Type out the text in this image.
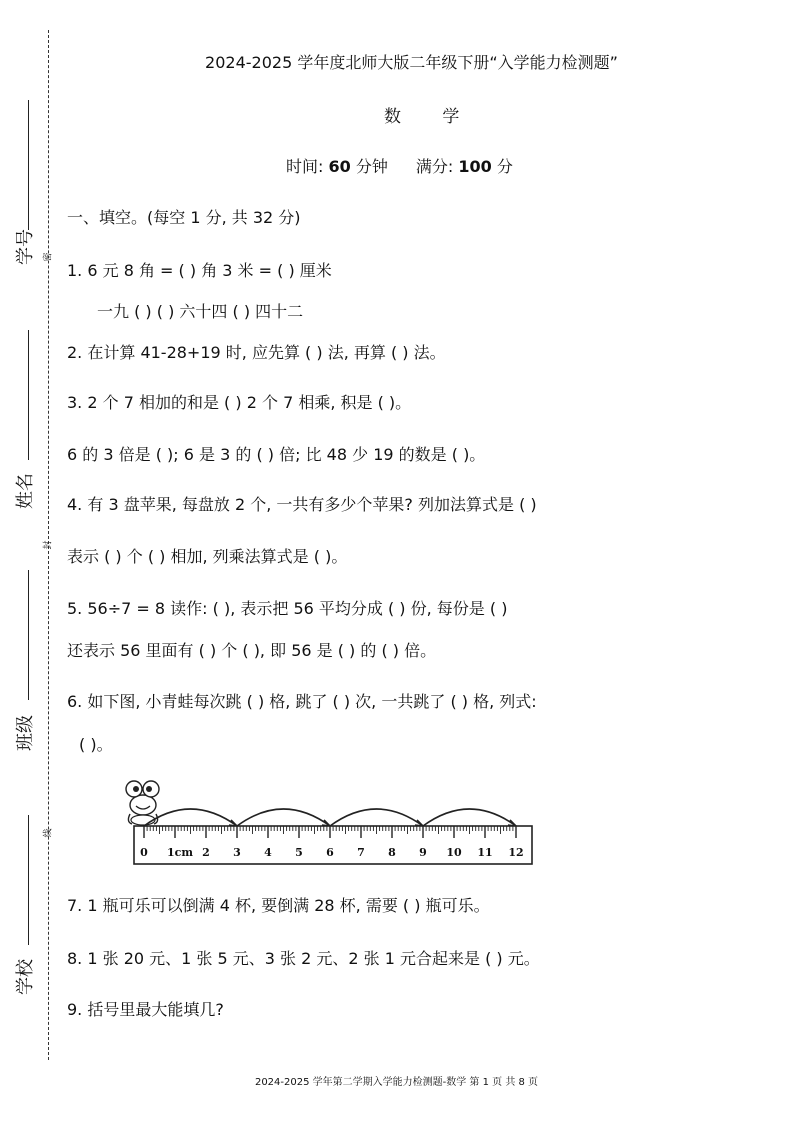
学号
姓名
班级
学校
密
封
线
2024-2025 学年度北师大版二年级下册“入学能力检测题”
数 学
时间: 60 分钟 满分: 100 分
一、填空。(每空 1 分, 共 32 分)
1. 6 元 8 角 = ( ) 角 3 米 = ( ) 厘米
一九 ( ) ( ) 六十四 ( ) 四十二
2. 在计算 41-28+19 时, 应先算 ( ) 法, 再算 ( ) 法。
3. 2 个 7 相加的和是 ( ) 2 个 7 相乘, 积是 ( )。
6 的 3 倍是 ( ); 6 是 3 的 ( ) 倍; 比 48 少 19 的数是 ( )。
4. 有 3 盘苹果, 每盘放 2 个, 一共有多少个苹果? 列加法算式是 ( )
表示 ( ) 个 ( ) 相加, 列乘法算式是 ( )。
5. 56÷7 = 8 读作: ( ), 表示把 56 平均分成 ( ) 份, 每份是 ( )
还表示 56 里面有 ( ) 个 ( ), 即 56 是 ( ) 的 ( ) 倍。
6. 如下图, 小青蛙每次跳 ( ) 格, 跳了 ( ) 次, 一共跳了 ( ) 格, 列式:
( )。
0 1cm 2 3 4 5 6 7 8 9 10 11 12
7. 1 瓶可乐可以倒满 4 杯, 要倒满 28 杯, 需要 ( ) 瓶可乐。
8. 1 张 20 元、1 张 5 元、3 张 2 元、2 张 1 元合起来是 ( ) 元。
9. 括号里最大能填几?
2024-2025 学年第二学期入学能力检测题-数学 第 1 页 共 8 页
